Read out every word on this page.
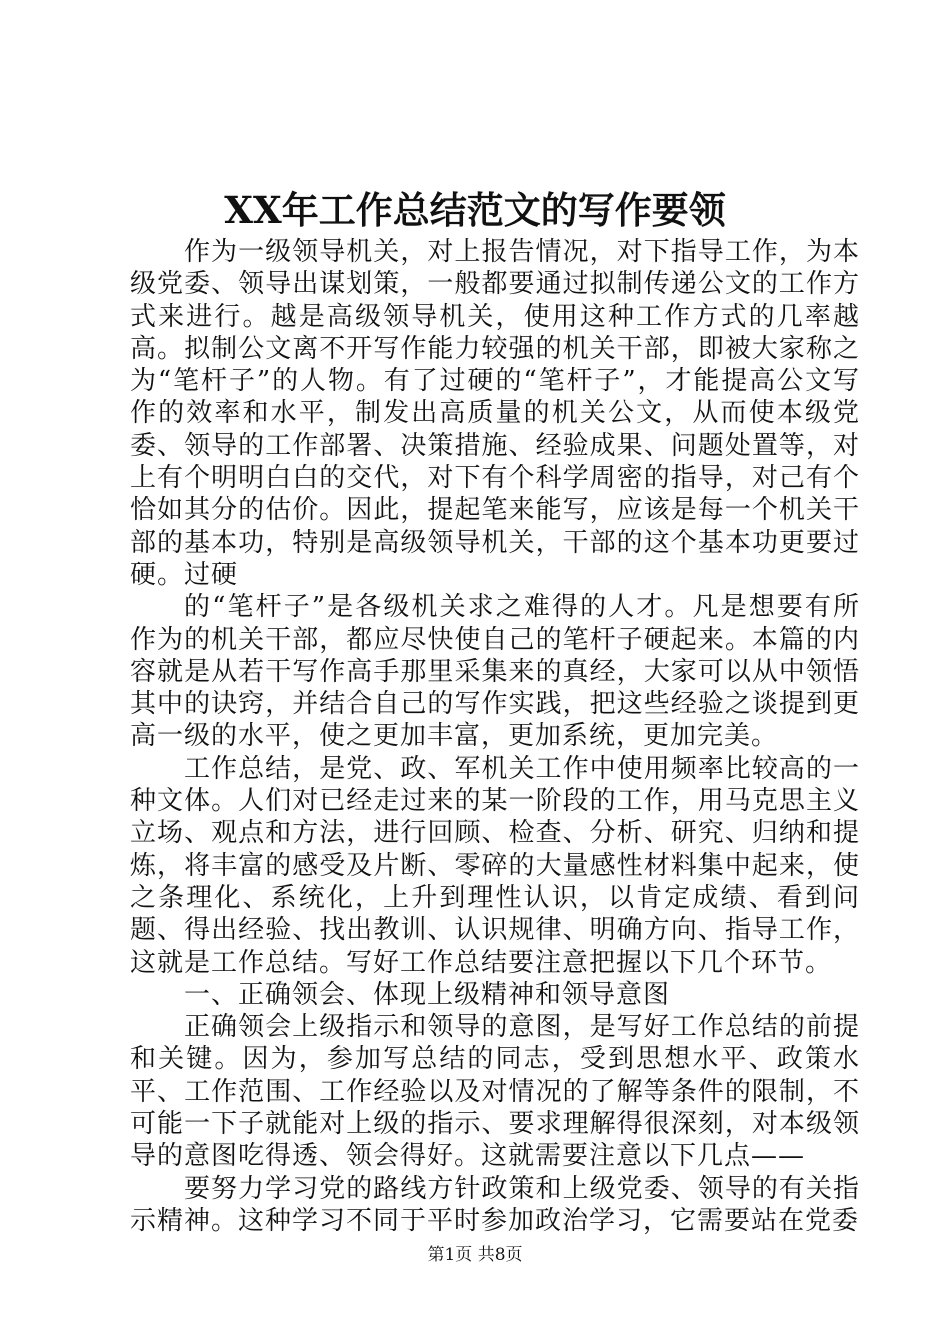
XX年工作总结范文的写作要领

作为一级领导机关，对上报告情况，对下指导工作，为本级党委、领导出谋划策，一般都要通过拟制传递公文的工作方式来进行。越是高级领导机关，使用这种工作方式的几率越高。拟制公文离不开写作能力较强的机关干部，即被大家称之为“笔杆子”的人物。有了过硬的“笔杆子”，才能提高公文写作的效率和水平，制发出高质量的机关公文，从而使本级党委、领导的工作部署、决策措施、经验成果、问题处置等，对上有个明明白白的交代，对下有个科学周密的指导，对己有个恰如其分的估价。因此，提起笔来能写，应该是每一个机关干部的基本功，特别是高级领导机关，干部的这个基本功更要过硬。过硬

的“笔杆子”是各级机关求之难得的人才。凡是想要有所作为的机关干部，都应尽快使自己的笔杆子硬起来。本篇的内容就是从若干写作高手那里采集来的真经，大家可以从中领悟其中的诀窍，并结合自己的写作实践，把这些经验之谈提到更高一级的水平，使之更加丰富，更加系统，更加完美。

工作总结，是党、政、军机关工作中使用频率比较高的一种文体。人们对已经走过来的某一阶段的工作，用马克思主义立场、观点和方法，进行回顾、检查、分析、研究、归纳和提炼，将丰富的感受及片断、零碎的大量感性材料集中起来，使之条理化、系统化，上升到理性认识，以肯定成绩、看到问题、得出经验、找出教训、认识规律、明确方向、指导工作，这就是工作总结。写好工作总结要注意把握以下几个环节。

一、正确领会、体现上级精神和领导意图

正确领会上级指示和领导的意图，是写好工作总结的前提和关键。因为，参加写总结的同志，受到思想水平、政策水平、工作范围、工作经验以及对情况的了解等条件的限制，不可能一下子就能对上级的指示、要求理解得很深刻，对本级领导的意图吃得透、领会得好。这就需要注意以下几点——

要努力学习党的路线方针政策和上级党委、领导的有关指示精神。这种学习不同于平时参加政治学习，它需要站在党委

第1页 共8页
